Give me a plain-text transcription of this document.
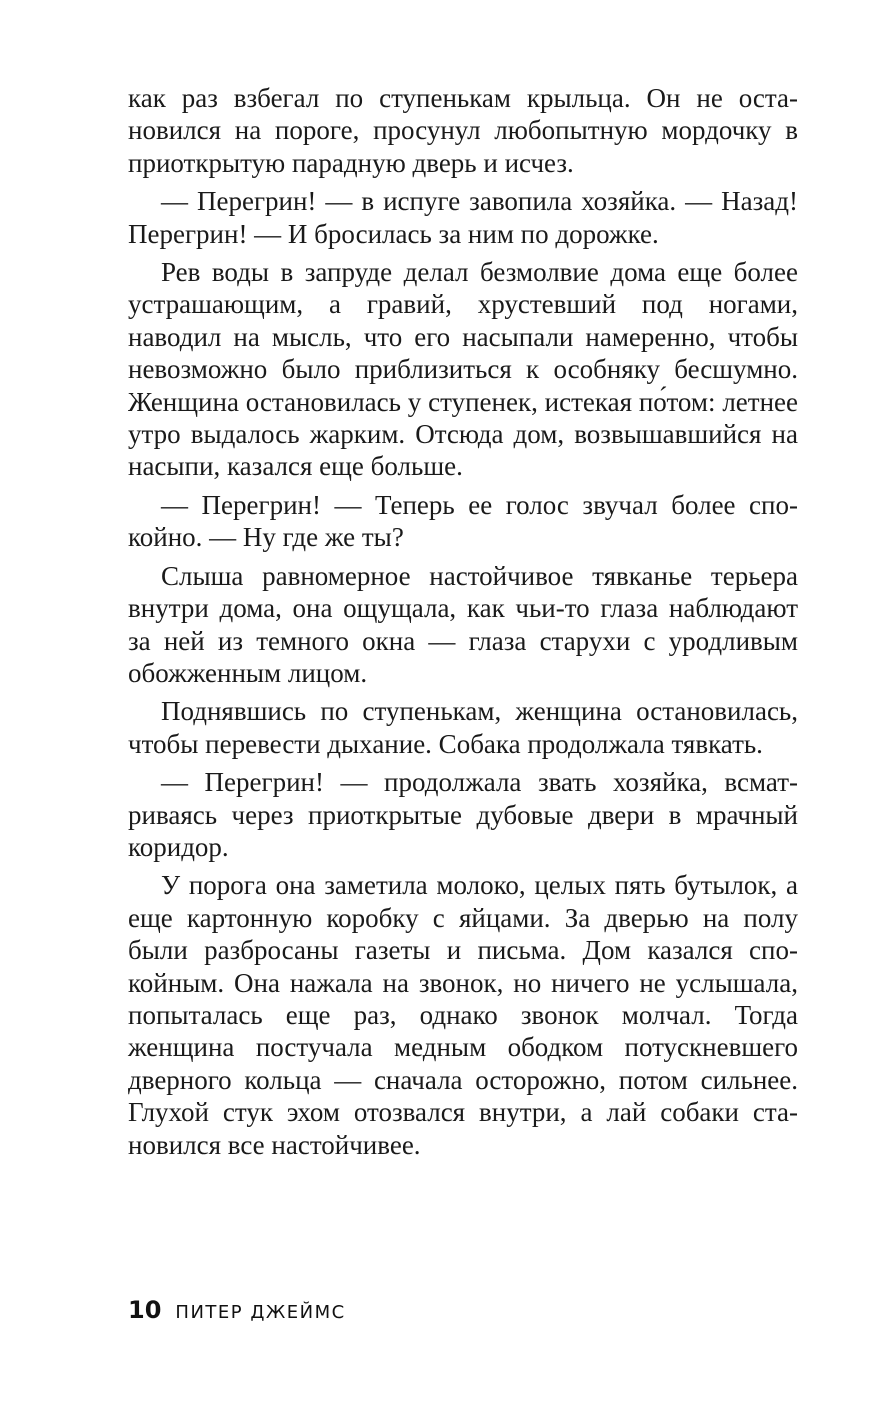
как раз взбегал по ступенькам крыльца. Он не остановился на пороге, просунул любопытную мордочку в приоткрытую парадную дверь и исчез.

— Перегрин! — в испуге завопила хозяйка. — Назад! Перегрин! — И бросилась за ним по дорожке.

Рев воды в запруде делал безмолвие дома еще более устрашающим, а гравий, хрустевший под ногами, наводил на мысль, что его насыпали намеренно, чтобы невозможно было приблизиться к особняку бесшумно. Женщина остановилась у ступенек, истекая по́том: летнее утро выдалось жарким. Отсюда дом, возвышавшийся на насыпи, казался еще больше.

— Перегрин! — Теперь ее голос звучал более спокойно. — Ну где же ты?

Слыша равномерное настойчивое тявканье терьера внутри дома, она ощущала, как чьи-то глаза наблюдают за ней из темного окна — глаза старухи с уродливым обожженным лицом.

Поднявшись по ступенькам, женщина остановилась, чтобы перевести дыхание. Собака продолжала тявкать.

— Перегрин! — продолжала звать хозяйка, всматриваясь через приоткрытые дубовые двери в мрачный коридор.

У порога она заметила молоко, целых пять бутылок, а еще картонную коробку с яйцами. За дверью на полу были разбросаны газеты и письма. Дом казался спокойным. Она нажала на звонок, но ничего не услышала, попыталась еще раз, однако звонок молчал. Тогда женщина постучала медным ободком потускневшего дверного кольца — сначала осторожно, потом сильнее. Глухой стук эхом отозвался внутри, а лай собаки становился все настойчивее.

10 ПИТЕР ДЖЕЙМС
